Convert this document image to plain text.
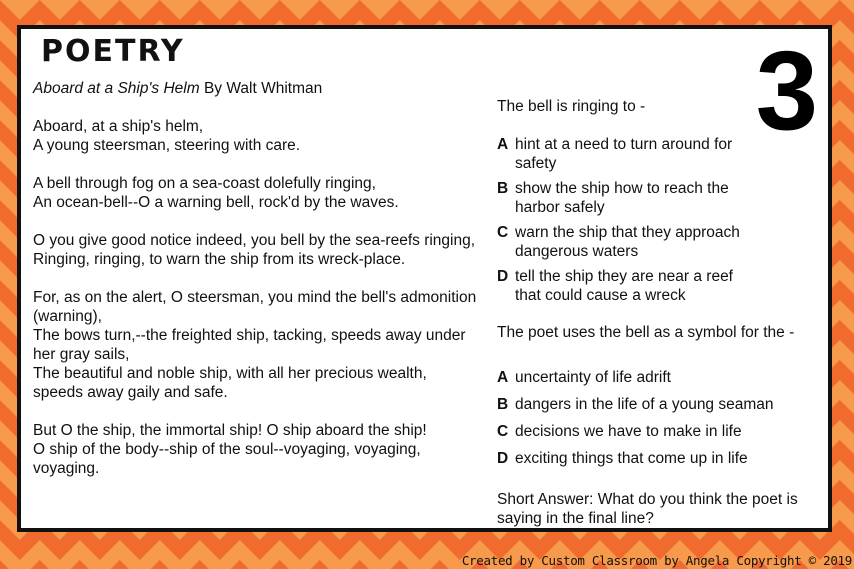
POETRY	3
Aboard at a Ship's Helm By Walt Whitman
Aboard, at a ship's helm,
A young steersman, steering with care.
A bell through fog on a sea-coast dolefully ringing,
An ocean-bell--O a warning bell, rock'd by the waves.
O you give good notice indeed, you bell by the sea-reefs ringing,
Ringing, ringing, to warn the ship from its wreck-place.
For, as on the alert, O steersman, you mind the bell's admonition (warning),
The bows turn,--the freighted ship, tacking, speeds away under her gray sails,
The beautiful and noble ship, with all her precious wealth, speeds away gaily and safe.
But O the ship, the immortal ship! O ship aboard the ship!
O ship of the body--ship of the soul--voyaging, voyaging, voyaging.

The bell is ringing to -

A hint at a need to turn around for safety
B show the ship how to reach the harbor safely
C warn the ship that they approach dangerous waters
D tell the ship they are near a reef that could cause a wreck

The poet uses the bell as a symbol for the -

A uncertainty of life adrift
B dangers in the life of a young seaman
C decisions we have to make in life
D exciting things that come up in life

Short Answer: What do you think the poet is saying in the final line?

Created by Custom Classroom by Angela Copyright © 2019
